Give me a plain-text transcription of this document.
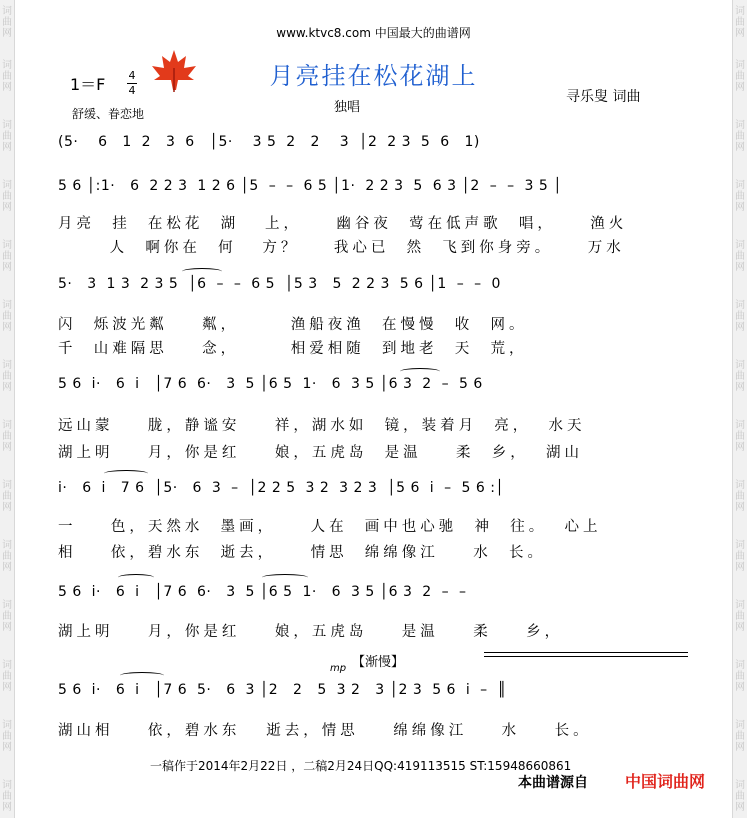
词曲网
词曲网
词曲网
词曲网
词曲网
词曲网
词曲网
词曲网
词曲网
词曲网
词曲网
词曲网
词曲网
词曲网
词曲网
词曲网
词曲网
词曲网
词曲网
词曲网
词曲网
词曲网
词曲网
词曲网
词曲网
词曲网
词曲网
词曲网
www.ktvc8.com 中国最大的曲谱网
月亮挂在松花湖上
1＝F 4
4
舒缓、眷恋地	独唱
寻乐叟 词曲
(5·    6   1  2   3  6   │5·    3 5  2   2    3  │2  2 3  5  6   1)
5 6 │:1·   6  2 2 3  1 2 6 │5  –  –  6 5 │1·  2 2 3  5  6 3 │2  –  –  3 5 │
月亮  挂  在松花  湖   上，    幽谷夜  莺在低声歌  唱，    渔火
人  啊你在  何   方？    我心已  然  飞到你身旁。    万水
5·   3  1 3  2 3 5  │6  –  –  6 5  │5 3   5  2 2 3  5 6 │1  –  –  0
闪  烁波光粼    粼，      渔船夜渔  在慢慢  收  网。
千  山难隔思    念，      相爱相随  到地老  天  荒，
5 6  i·   6  i   │7 6  6·   3  5 │6 5  1·   6  3 5 │6 3  2  –  5 6
远山蒙    胧，静谧安    祥，湖水如  镜，装着月  亮，  水天
湖上明    月，你是红    娘，五虎岛  是温    柔  乡，  湖山
i·   6  i   7 6  │5·   6  3  –  │2 2 5  3 2  3 2 3  │5 6  i  –  5 6 :│
一    色，天然水  墨画，    人在  画中也心驰  神  往。  心上
相    依，碧水东  逝去，    情思  绵绵像江    水  长。
5 6  i·   6  i   │7 6  6·   3  5 │6 5  1·   6  3 5 │6 3  2  –  –
湖上明    月，你是红    娘，五虎岛    是温    柔    乡，
【渐慢】
mp
5 6  i·   6  i   │7 6  5·   6  3 │2   2   5  3 2   3 │2 3  5 6  i  –  ║
湖山相    依，碧水东   逝去，情思    绵绵像江    水    长。
一稿作于2014年2月22日 ，二稿2月24日QQ:419113515 ST:15948660861
本曲谱源自 中国词曲网
